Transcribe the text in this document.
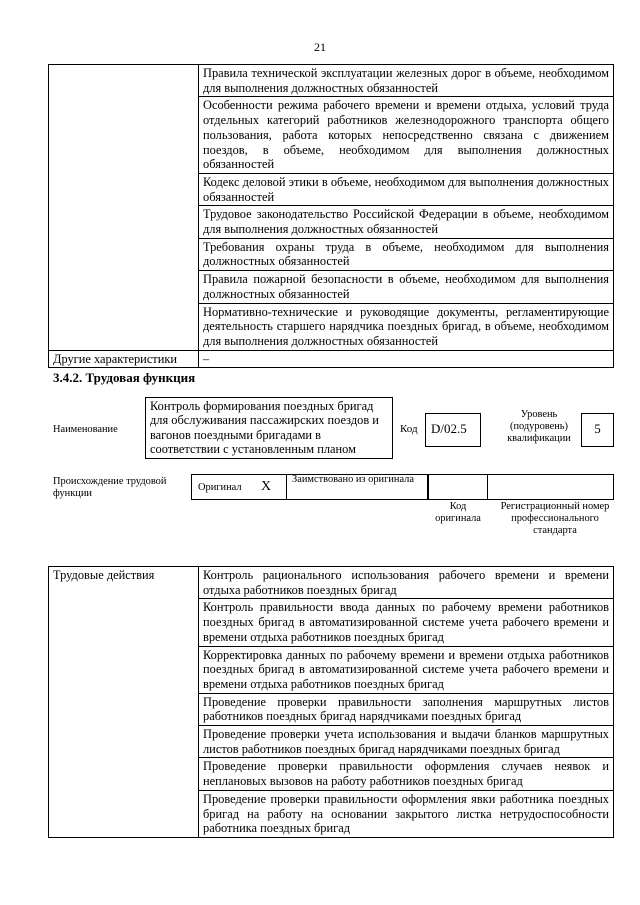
21
	Правила технической эксплуатации железных дорог в объеме, необходимом для выполнения должностных обязанностей
	Особенности режима рабочего времени и времени отдыха, условий труда отдельных категорий работников железнодорожного транспорта общего пользования, работа которых непосредственно связана с движением поездов, в объеме, необходимом для выполнения должностных обязанностей
	Кодекс деловой этики в объеме, необходимом для выполнения должностных обязанностей
	Трудовое законодательство Российской Федерации в объеме, необходимом для выполнения должностных обязанностей
	Требования охраны труда в объеме, необходимом для выполнения должностных обязанностей
	Правила пожарной безопасности в объеме, необходимом для выполнения должностных обязанностей
	Нормативно-технические и руководящие документы, регламентирующие деятельность старшего нарядчика поездных бригад, в объеме, необходимом для выполнения должностных обязанностей
Другие характеристики	–
3.4.2. Трудовая функция
Наименование
Контроль формирования поездных бригад для обслуживания пассажирских поездов и вагонов поездными бригадами в соответствии с установленным планом
Код	D/02.5
Уровень (подуровень) квалификации
5
Происхождение трудовой функции
Оригинал X Заимствовано из оригинала
Код оригинала
Регистрационный номер профессионального стандарта
Трудовые действия	Контроль рационального использования рабочего времени и времени отдыха работников поездных бригад
Контроль правильности ввода данных по рабочему времени работников поездных бригад в автоматизированной системе учета рабочего времени и времени отдыха работников поездных бригад
Корректировка данных по рабочему времени и времени отдыха работников поездных бригад в автоматизированной системе учета рабочего времени и времени отдыха работников поездных бригад
Проведение проверки правильности заполнения маршрутных листов работников поездных бригад нарядчиками поездных бригад
Проведение проверки учета использования и выдачи бланков маршрутных листов работников поездных бригад нарядчиками поездных бригад
Проведение проверки правильности оформления случаев неявок и неплановых вызовов на работу работников поездных бригад
Проведение проверки правильности оформления явки работника поездных бригад на работу на основании закрытого листка нетрудоспособности работника поездных бригад
